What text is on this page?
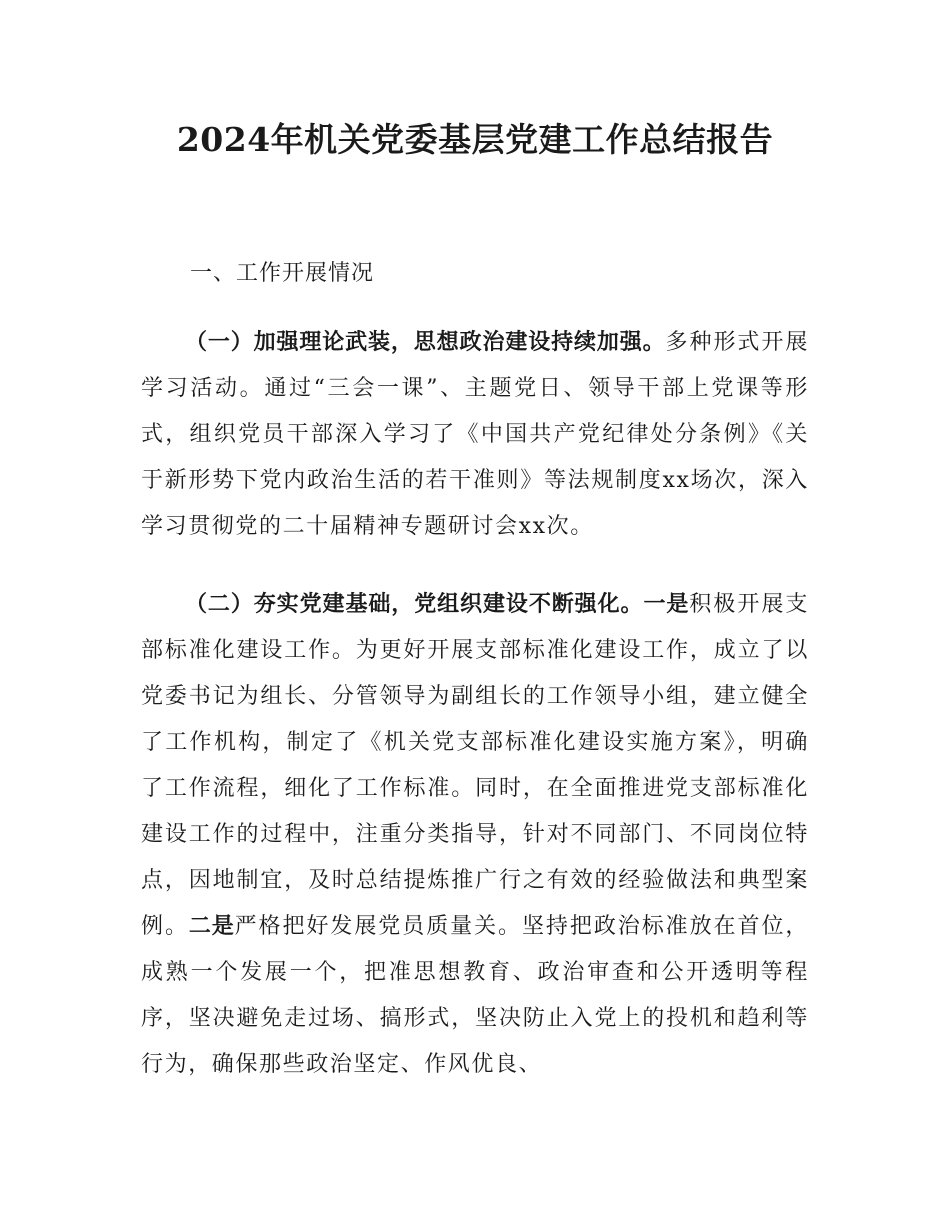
2024年机关党委基层党建工作总结报告
一、工作开展情况
（一）加强理论武装，思想政治建设持续加强。多种形式开展学习活动。通过“三会一课”、主题党日、领导干部上党课等形式，组织党员干部深入学习了《中国共产党纪律处分条例》《关于新形势下党内政治生活的若干准则》等法规制度xx场次，深入学习贯彻党的二十届精神专题研讨会xx次。
（二）夯实党建基础，党组织建设不断强化。一是积极开展支部标准化建设工作。为更好开展支部标准化建设工作，成立了以党委书记为组长、分管领导为副组长的工作领导小组，建立健全了工作机构，制定了《机关党支部标准化建设实施方案》，明确了工作流程，细化了工作标准。同时，在全面推进党支部标准化建设工作的过程中，注重分类指导，针对不同部门、不同岗位特点，因地制宜，及时总结提炼推广行之有效的经验做法和典型案例。二是严格把好发展党员质量关。坚持把政治标准放在首位，成熟一个发展一个，把准思想教育、政治审查和公开透明等程序，坚决避免走过场、搞形式，坚决防止入党上的投机和趋利等行为，确保那些政治坚定、作风优良、
